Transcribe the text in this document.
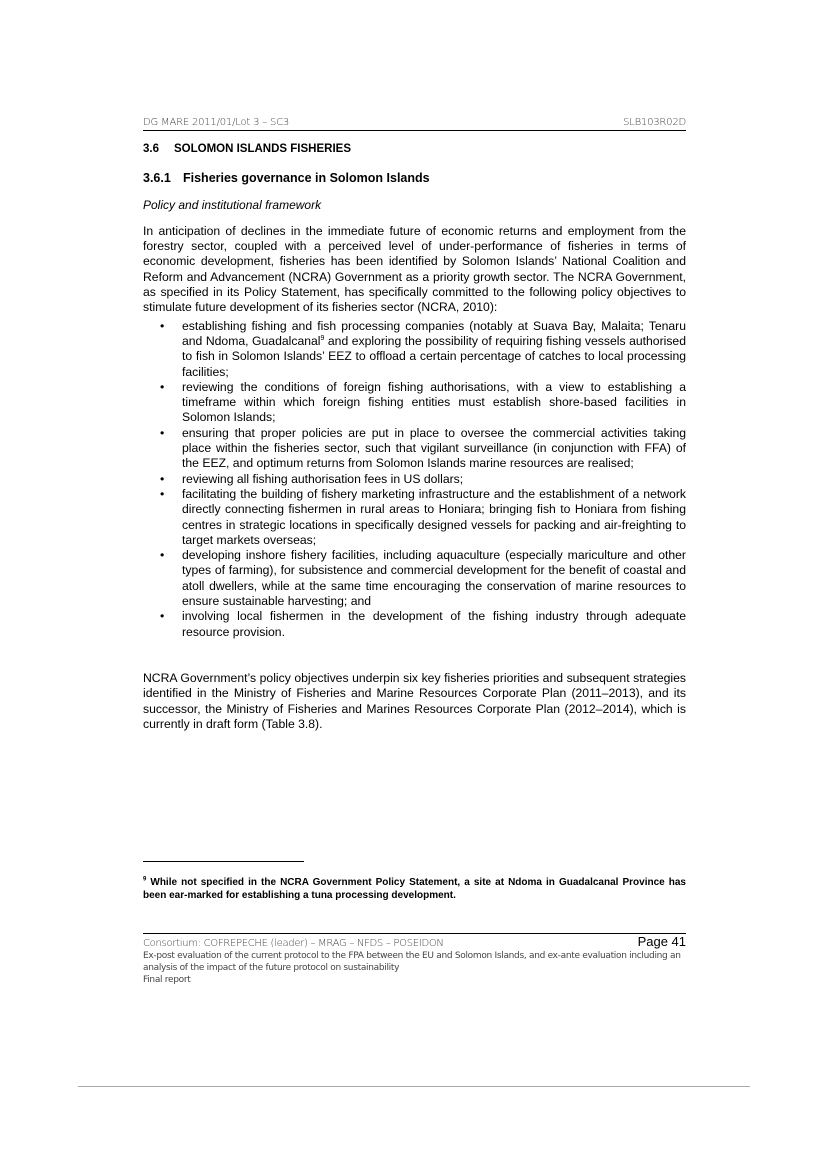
DG MARE 2011/01/Lot 3 – SC3	SLB103R02D
3.6	SOLOMON ISLANDS FISHERIES
3.6.1 Fisheries governance in Solomon Islands
Policy and institutional framework
In anticipation of declines in the immediate future of economic returns and employment from the forestry sector, coupled with a perceived level of under-performance of fisheries in terms of economic development, fisheries has been identified by Solomon Islands’ National Coalition and Reform and Advancement (NCRA) Government as a priority growth sector. The NCRA Government, as specified in its Policy Statement, has specifically committed to the following policy objectives to stimulate future development of its fisheries sector (NCRA, 2010):
• establishing fishing and fish processing companies (notably at Suava Bay, Malaita; Tenaru and Ndoma, Guadalcanal$^9$ and exploring the possibility of requiring fishing vessels authorised to fish in Solomon Islands’ EEZ to offload a certain percentage of catches to local processing facilities;
• reviewing the conditions of foreign fishing authorisations, with a view to establishing a timeframe within which foreign fishing entities must establish shore-based facilities in Solomon Islands;
• ensuring that proper policies are put in place to oversee the commercial activities taking place within the fisheries sector, such that vigilant surveillance (in conjunction with FFA) of the EEZ, and optimum returns from Solomon Islands marine resources are realised;
• reviewing all fishing authorisation fees in US dollars;
• facilitating the building of fishery marketing infrastructure and the establishment of a network directly connecting fishermen in rural areas to Honiara; bringing fish to Honiara from fishing centres in strategic locations in specifically designed vessels for packing and air-freighting to target markets overseas;
• developing inshore fishery facilities, including aquaculture (especially mariculture and other types of farming), for subsistence and commercial development for the benefit of coastal and atoll dwellers, while at the same time encouraging the conservation of marine resources to ensure sustainable harvesting; and
• involving local fishermen in the development of the fishing industry through adequate resource provision.
NCRA Government’s policy objectives underpin six key fisheries priorities and subsequent strategies identified in the Ministry of Fisheries and Marine Resources Corporate Plan (2011–2013), and its successor, the Ministry of Fisheries and Marines Resources Corporate Plan (2012–2014), which is currently in draft form (Table 3.8).
$^9$ While not specified in the NCRA Government Policy Statement, a site at Ndoma in Guadalcanal Province has been ear-marked for establishing a tuna processing development.
Consortium: COFREPECHE (leader) – MRAG – NFDS – POSEIDON	Page 41
Ex-post evaluation of the current protocol to the FPA between the EU and Solomon Islands, and ex-ante evaluation including an analysis of the impact of the future protocol on sustainability
Final report
